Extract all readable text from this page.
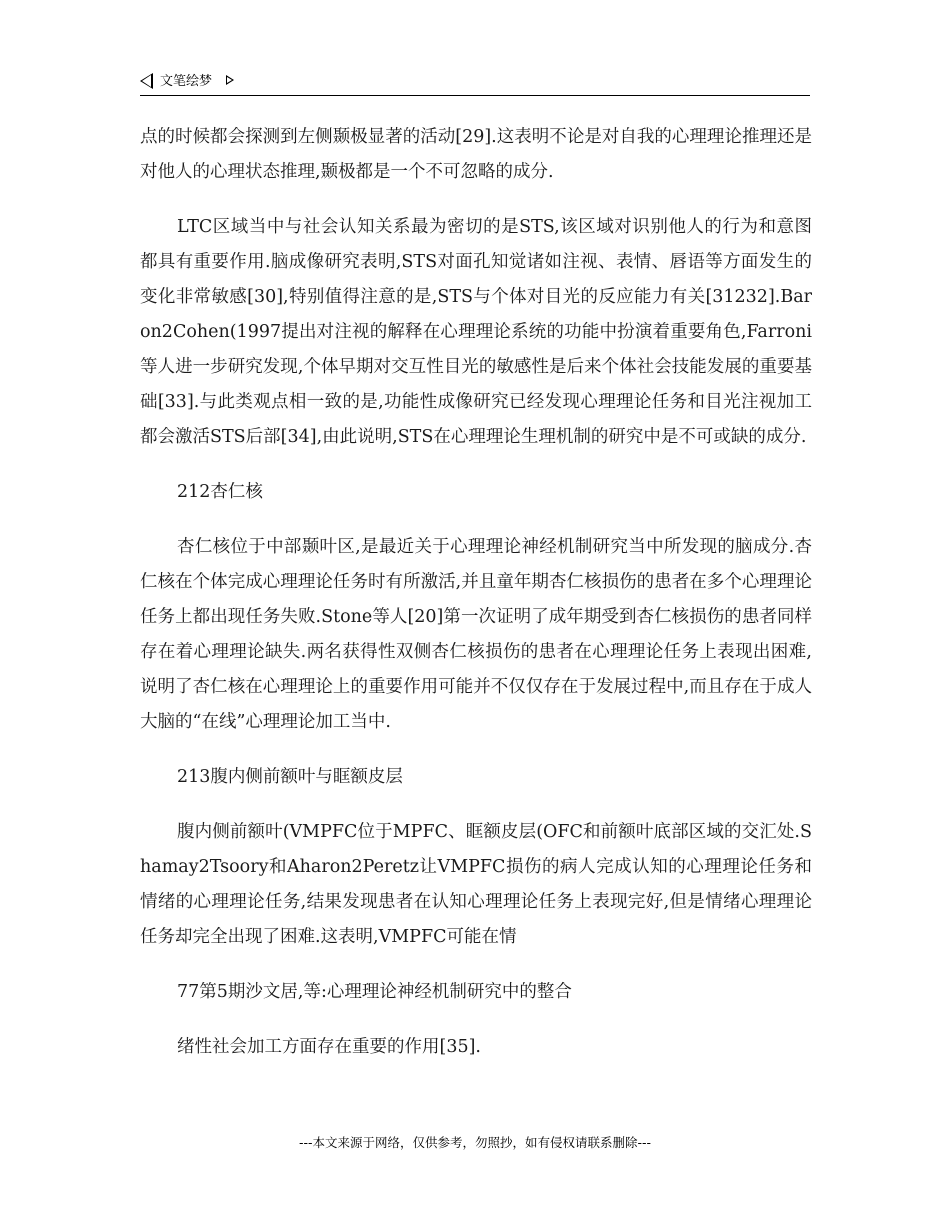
文笔绘梦

点的时候都会探测到左侧颞极显著的活动[29].这表明不论是对自我的心理理论推理还是对他人的心理状态推理,颞极都是一个不可忽略的成分.

LTC区域当中与社会认知关系最为密切的是STS,该区域对识别他人的行为和意图都具有重要作用.脑成像研究表明,STS对面孔知觉诸如注视、表情、唇语等方面发生的变化非常敏感[30],特别值得注意的是,STS与个体对目光的反应能力有关[31232].Baron2Cohen(1997提出对注视的解释在心理理论系统的功能中扮演着重要角色,Farroni等人进一步研究发现,个体早期对交互性目光的敏感性是后来个体社会技能发展的重要基础[33].与此类观点相一致的是,功能性成像研究已经发现心理理论任务和目光注视加工都会激活STS后部[34],由此说明,STS在心理理论生理机制的研究中是不可或缺的成分.

212杏仁核

杏仁核位于中部颞叶区,是最近关于心理理论神经机制研究当中所发现的脑成分.杏仁核在个体完成心理理论任务时有所激活,并且童年期杏仁核损伤的患者在多个心理理论任务上都出现任务失败.Stone等人[20]第一次证明了成年期受到杏仁核损伤的患者同样存在着心理理论缺失.两名获得性双侧杏仁核损伤的患者在心理理论任务上表现出困难,说明了杏仁核在心理理论上的重要作用可能并不仅仅存在于发展过程中,而且存在于成人大脑的“在线”心理理论加工当中.

213腹内侧前额叶与眶额皮层

腹内侧前额叶(VMPFC位于MPFC、眶额皮层(OFC和前额叶底部区域的交汇处.Shamay2Tsoory和Aharon2Peretz让VMPFC损伤的病人完成认知的心理理论任务和情绪的心理理论任务,结果发现患者在认知心理理论任务上表现完好,但是情绪心理理论任务却完全出现了困难.这表明,VMPFC可能在情

77第5期沙文居,等:心理理论神经机制研究中的整合

绪性社会加工方面存在重要的作用[35].

---本文来源于网络，仅供参考，勿照抄，如有侵权请联系删除---
